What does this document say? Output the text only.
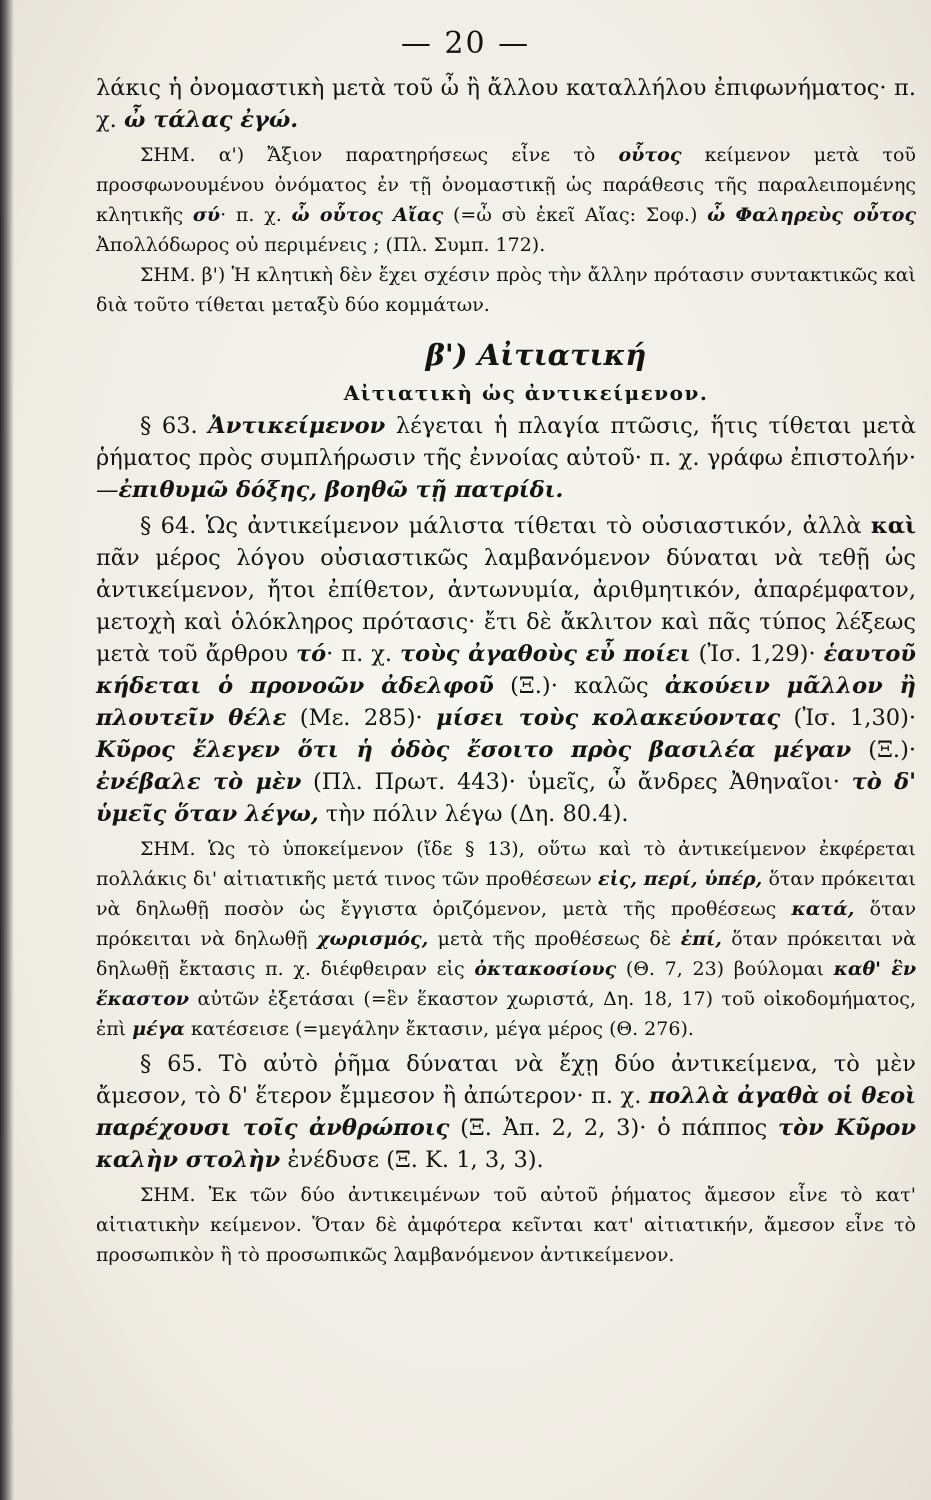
— 20 —

λάκις ἡ ὀνομαστικὴ μετὰ τοῦ ὦ ἢ ἄλλου καταλλήλου ἐπιφωνήματος· π. χ. ὦ τάλας ἐγώ.

ΣΗΜ. α') Ἄξιον παρατηρήσεως εἶνε τὸ οὗτος κείμενον μετὰ τοῦ προσφωνουμένου ὀνόματος ἐν τῇ ὀνομαστικῇ ὡς παράθεσις τῆς παραλειπομένης κλητικῆς σύ· π. χ. ὦ οὗτος Αἴας (=ὦ σὺ ἐκεῖ Αἴας: Σοφ.) ὦ Φαληρεὺς οὗτος Ἀπολλόδωρος οὐ περιμένεις ; (Πλ. Συμπ. 172).

ΣΗΜ. β') Ἡ κλητικὴ δὲν ἔχει σχέσιν πρὸς τὴν ἄλλην πρότασιν συντακτικῶς καὶ διὰ τοῦτο τίθεται μεταξὺ δύο κομμάτων.

β') Αἰτιατική
Αἰτιατικὴ ὡς ἀντικείμενον.

§ 63. Ἀντικείμενον λέγεται ἡ πλαγία πτῶσις, ἥτις τίθεται μετὰ ῥήματος πρὸς συμπλήρωσιν τῆς ἐννοίας αὐτοῦ· π. χ. γράφω ἐπιστολήν·—ἐπιθυμῶ δόξης, βοηθῶ τῇ πατρίδι.

§ 64. Ὡς ἀντικείμενον μάλιστα τίθεται τὸ οὐσιαστικόν, ἀλλὰ καὶ πᾶν μέρος λόγου οὐσιαστικῶς λαμβανόμενον δύναται νὰ τεθῇ ὡς ἀντικείμενον, ἤτοι ἐπίθετον, ἀντωνυμία, ἀριθμητικόν, ἀπαρέμφατον, μετοχὴ καὶ ὁλόκληρος πρότασις· ἔτι δὲ ἄκλιτον καὶ πᾶς τύπος λέξεως μετὰ τοῦ ἄρθρου τό· π. χ. τοὺς ἀγαθοὺς εὖ ποίει (Ἰσ. 1,29)· ἑαυτοῦ κήδεται ὁ προνοῶν ἀδελφοῦ (Ξ.)· καλῶς ἀκούειν μᾶλλον ἢ πλουτεῖν θέλε (Με. 285)· μίσει τοὺς κολακεύοντας (Ἰσ. 1,30)· Κῦρος ἔλεγεν ὅτι ἡ ὁδὸς ἔσοιτο πρὸς βασιλέα μέγαν (Ξ.)· ἐνέβαλε τὸ μὲν (Πλ. Πρωτ. 443)· ὑμεῖς, ὦ ἄνδρες Ἀθηναῖοι· τὸ δ' ὑμεῖς ὅταν λέγω, τὴν πόλιν λέγω (Δη. 80.4).

ΣΗΜ. Ὡς τὸ ὑποκείμενον (ἴδε § 13), οὕτω καὶ τὸ ἀντικείμενον ἐκφέρεται πολλάκις δι' αἰτιατικῆς μετά τινος τῶν προθέσεων εἰς, περί, ὑπέρ, ὅταν πρόκειται νὰ δηλωθῇ ποσὸν ὡς ἔγγιστα ὁριζόμενον, μετὰ τῆς προθέσεως κατά, ὅταν πρόκειται νὰ δηλωθῇ χωρισμός, μετὰ τῆς προθέσεως δὲ ἐπί, ὅταν πρόκειται νὰ δηλωθῇ ἔκτασις π. χ. διέφθειραν εἰς ὀκτακοσίους (Θ. 7, 23) βούλομαι καθ' ἓν ἕκαστον αὐτῶν ἐξετάσαι (=ἓν ἕκαστον χωριστά, Δη. 18, 17) τοῦ οἰκοδομήματος, ἐπὶ μέγα κατέσεισε (=μεγάλην ἔκτασιν, μέγα μέρος (Θ. 276).

§ 65. Τὸ αὐτὸ ῥῆμα δύναται νὰ ἔχῃ δύο ἀντικείμενα, τὸ μὲν ἄμεσον, τὸ δ' ἕτερον ἔμμεσον ἢ ἀπώτερον· π. χ. πολλὰ ἀγαθὰ οἱ θεοὶ παρέχουσι τοῖς ἀνθρώποις (Ξ. Ἀπ. 2, 2, 3)· ὁ πάππος τὸν Κῦρον καλὴν στολὴν ἐνέδυσε (Ξ. Κ. 1, 3, 3).

ΣΗΜ. Ἐκ τῶν δύο ἀντικειμένων τοῦ αὐτοῦ ῥήματος ἄμεσον εἶνε τὸ κατ' αἰτιατικὴν κείμενον. Ὅταν δὲ ἀμφότερα κεῖνται κατ' αἰτιατικήν, ἄμεσον εἶνε τὸ προσωπικὸν ἢ τὸ προσωπικῶς λαμβανόμενον ἀντικείμενον.
